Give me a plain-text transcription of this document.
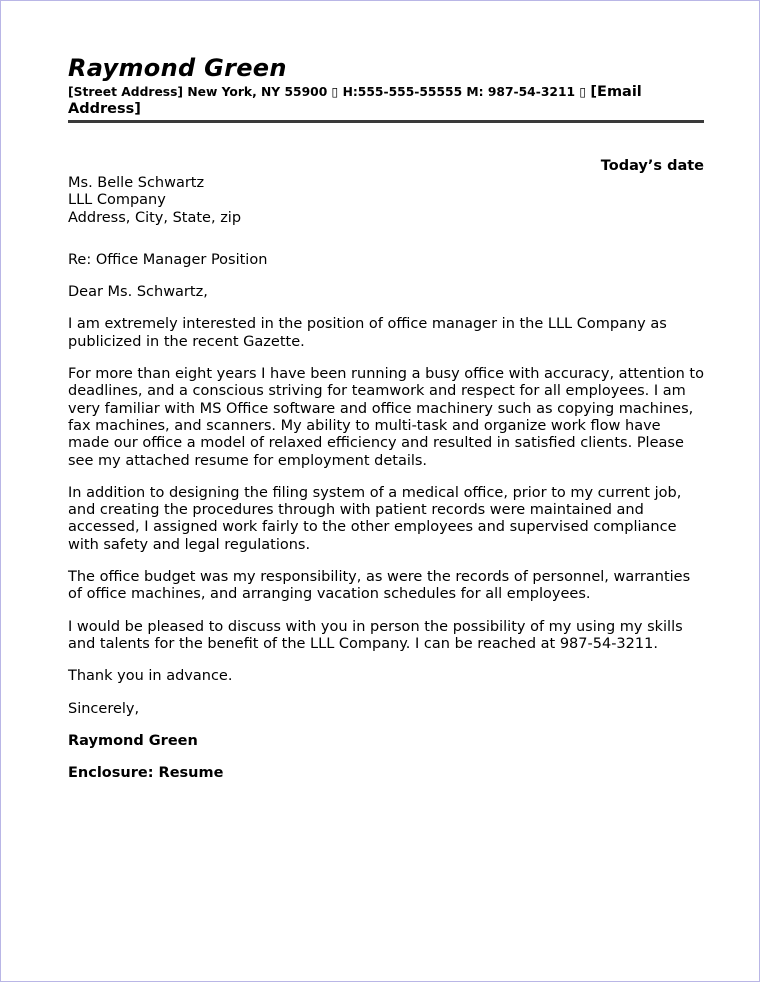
Raymond Green
[Street Address] New York, NY 55900 ▯ H:555-555-55555 M: 987-54-3211 ▯ [Email Address]
Today’s date
Ms. Belle Schwartz
LLL Company
Address, City, State, zip

Re: Office Manager Position

Dear Ms. Schwartz,

I am extremely interested in the position of office manager in the LLL Company as publicized in the recent Gazette.

For more than eight years I have been running a busy office with accuracy, attention to deadlines, and a conscious striving for teamwork and respect for all employees. I am very familiar with MS Office software and office machinery such as copying machines, fax machines, and scanners. My ability to multi-task and organize work flow have made our office a model of relaxed efficiency and resulted in satisfied clients. Please see my attached resume for employment details.

In addition to designing the filing system of a medical office, prior to my current job, and creating the procedures through with patient records were maintained and accessed, I assigned work fairly to the other employees and supervised compliance with safety and legal regulations.

The office budget was my responsibility, as were the records of personnel, warranties of office machines, and arranging vacation schedules for all employees.

I would be pleased to discuss with you in person the possibility of my using my skills and talents for the benefit of the LLL Company. I can be reached at 987-54-3211.

Thank you in advance.

Sincerely,

Raymond Green

Enclosure: Resume
